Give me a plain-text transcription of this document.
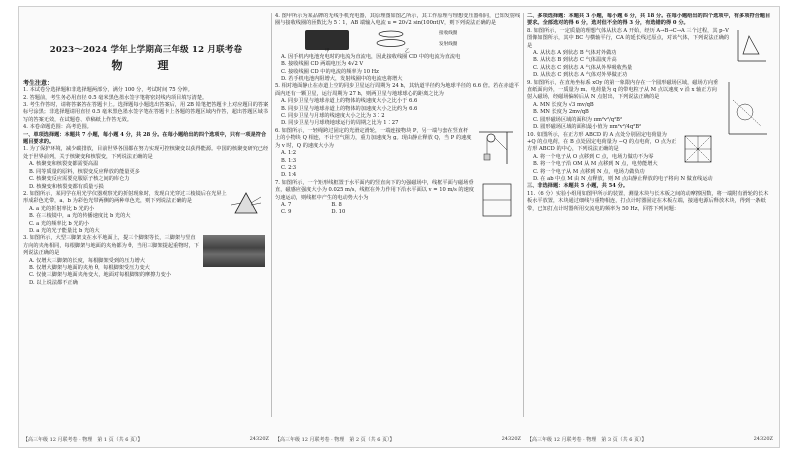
2023～2024 学年上学期高三年级 12 月联考卷
物　理
考生注意：

1. 本试卷分选择题和非选择题两部分，满分 100 分，考试时间 75 分钟。

2. 答题前，考生务必用直径 0.5 毫米黑色墨水签字笔将密封线内项目填写清楚。

3. 考生作答时，请将答案答在答题卡上。选择题每小题选出答案后，用 2B 铅笔把答题卡上对应题目的答案标号涂黑；非选择题请用直径 0.5 毫米黑色墨水签字笔在答题卡上各题的答题区域内作答，超出答题区域书写的答案无效，在试题卷、草稿纸上作答无效。

4. 本卷命题范围：高考范围。

一、单项选择题：本题共 7 小题，每小题 4 分，共 28 分。在每小题给出的四个选项中，只有一项是符合题目要求的。

1. 为了保护环境，减少碳排放，目前世界各国都在努力实现可控核聚变以获得能源。中国的核聚变研究已经处于世界前列，关于核聚变和核裂变，下列说法正确的是

A. 核聚变和核裂变都需要高温

B. 同等质量的原料，核裂变反应释放的能量更多

C. 核聚变反应需要克服原子核之间的库仑力

D. 核聚变和核裂变都有质量亏损

2. 如图所示，某同学在用光学仪器观察光的折射现象时，发现白光穿过三棱镜后在光屏上形成彩色光带，a、b 为彩色光带两侧的两种单色光，则下列说法正确的是

A. a 光的折射率比 b 光的小

B. 在三棱镜中，a 光的传播速度比 b 光的大

C. a 光的频率比 b 光的小

D. a 光的光子能量比 b 光的大

3. 如图所示，大型三脚架支在水平地面上，提三个脚架等长，三脚架与竖直方向的夹角相同，每根脚架与地面的夹角都为 θ，当用三脚架提起重物时，下列说法正确的是

A. 仅增大三脚架的长度，每根脚架受到的压力增大

B. 仅增大脚架与地面的夹角 θ，每根脚架受压力变大

C. 仅使三脚架与地面夹角变大，地面对每根脚架的摩擦力变小

D. 以上说法都不正确

【高三年级 12 月联考卷 · 物理　第 1 页（共 6 页）】	24320Z

4. 图甲所示为某品牌的无线手机充电器，其原理图如图乙所示，其工作原理与理想变压器相同，已知发射线圈与接收线圈的匝数比为 5∶1，AB 端输入电流 u = 20√2 sin(100πt)V，则下列说法正确的是

甲	乙
接收线圈
发射线圈

A. 因手机内电池充电时的电流为直流电，因此接收线圈 CD 中的电流为直流电

B. 接收线圈 CD 两端电压为 4√2 V

C. 接收线圈 CD 中的电流的频率为 10 Hz

D. 若手机电池内阻增大，发射线圈中的电流也将增大

5. 相对地面静止在赤道上空的同步卫星运行周期为 24 h，其轨道半径约为地球半径的 6.6 倍。若在赤道平面内还有一颗卫星，运行周期为 27 h，则两卫星与地球球心的距离之比为

A. 同步卫星与地球赤道上的物体的线速度大小之比小于 6.6

B. 同步卫星与地球赤道上的物体的加速度大小之比约为 6.6

C. 同步卫星与月球的线速度大小之比为 3∶2

D. 同步卫星与月球绕地球运行的周期之比为 1∶27

6. 如图所示，一轻绳跨过固定的光滑定滑轮，一端连接物块 P，另一端与套在竖直杆上的小物块 Q 相连，不计空气阻力，重力加速度为 g。现由静止释放 Q，当 P 的速度为 v 时，Q 的速度大小为

A. 1∶2

B. 1∶3

C. 2∶3

D. 1∶4

7. 如图所示，一个矩形线框置于水平面内的竖直向下的匀强磁场中，线框平面与磁场垂直，磁感应强度大小为 0.025 m/s，线框在外力作用下沿水平面以 v = 10 m/s 的速度匀速运动，则线框中产生的电动势大小为

A. 7	B. 8
C. 9	D. 10
【高三年级 12 月联考卷 · 物理　第 2 页（共 6 页）】	24320Z

二、多项选择题：本题共 3 小题，每小题 6 分，共 18 分。在每小题给出的四个选项中，有多项符合题目要求。全部选对的得 6 分，选对但不全的得 3 分，有选错的得 0 分。

8. 如图所示，一定质量的理想气体从状态 A 开始，经历 A→B→C→A 三个过程，其 p–V 图像如图所示，其中 BC 与横轴平行，CA 的延长线过原点，对该气体，下列说法正确的是

A. 从状态 A 到状态 B 气体对外做功

B. 从状态 B 到状态 C 气体温度升高

C. 从状态 C 到状态 A 气体从外界吸收热量

D. 从状态 C 到状态 A 气体对外界做正功

9. 如图所示，在直角坐标系 xOy 的第一象限内存在一个圆形磁场区域，磁场方向垂直纸面向外，一质量为 m、电荷量为 q 的带电粒子从 M 点以速度 v 沿 x 轴正方向射入磁场，经磁场偏转后从 N 点射出，下列说法正确的是

A. MN 长度为 √3 mv/qB

B. MN 长度为 2mv/qB

C. 圆形磁场区域的面积为 πm²v²/q²B²

D. 圆形磁场区域的面积最小值为 πm²v²/4q²B²

10. 如图所示，在正方形 ABCD 的 A 点处分别固定电荷量为 +Q 的点电荷，在 B 点处固定电荷量为 −Q 的点电荷，O 点为正方形 ABCD 的中心，下列说法正确的是

A. 将一个电子从 O 点移到 C 点，电场力做功不为零

B. 将一个电子沿 OM 从 M 点移到 N 点，电势能增大

C. 将一个电子从 M 点移到 N 点，电场力做负功

D. 在 ab 中点 M 由 N 点释放，则 M 点由静止释放的电子将向 N 做直线运动

三、非选择题：本题共 5 小题，共 54 分。

11.（6 分）实验小组用如图甲所示的装置，测量木块与长木板之间的动摩擦因数，将一端附有滑轮的长木板水平放置，木块通过细线与重物相连，打点计时器固定在木板左端，接通电源后释放木块，得到一条纸带，已知打点计时器所用交流电的频率为 50 Hz，回答下列问题：

【高三年级 12 月联考卷 · 物理　第 3 页（共 6 页）】	24320Z
